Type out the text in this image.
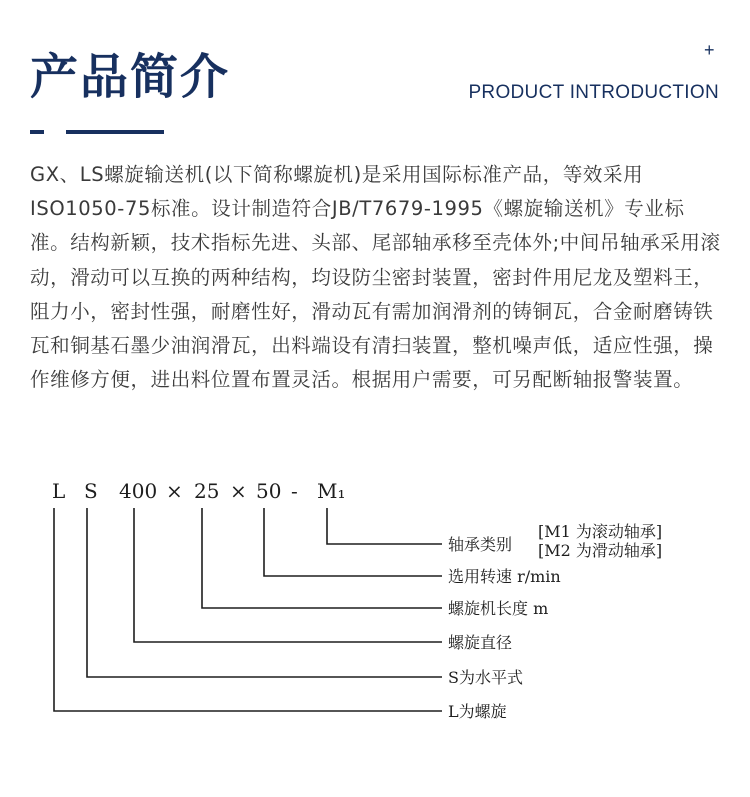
产品简介	+
PRODUCT INTRODUCTION

GX、LS螺旋输送机(以下简称螺旋机)是采用国际标准产品，等效采用ISO1050-75标准。设计制造符合JB/T7679-1995《螺旋输送机》专业标准。结构新颖，技术指标先进、头部、尾部轴承移至壳体外;中间吊轴承采用滚动，滑动可以互换的两种结构，均设防尘密封装置，密封件用尼龙及塑料王，阻力小，密封性强，耐磨性好，滑动瓦有需加润滑剂的铸铜瓦，合金耐磨铸铁瓦和铜基石墨少油润滑瓦，出料端设有清扫装置，整机噪声低，适应性强，操作维修方便，进出料位置布置灵活。根据用户需要，可另配断轴报警装置。

L S 400 × 25 × 50 - M₁
[M1 为滚动轴承]
轴承类别 [M2 为滑动轴承]
选用转速 r/min
螺旋机长度 m
螺旋直径
S为水平式
L为螺旋
